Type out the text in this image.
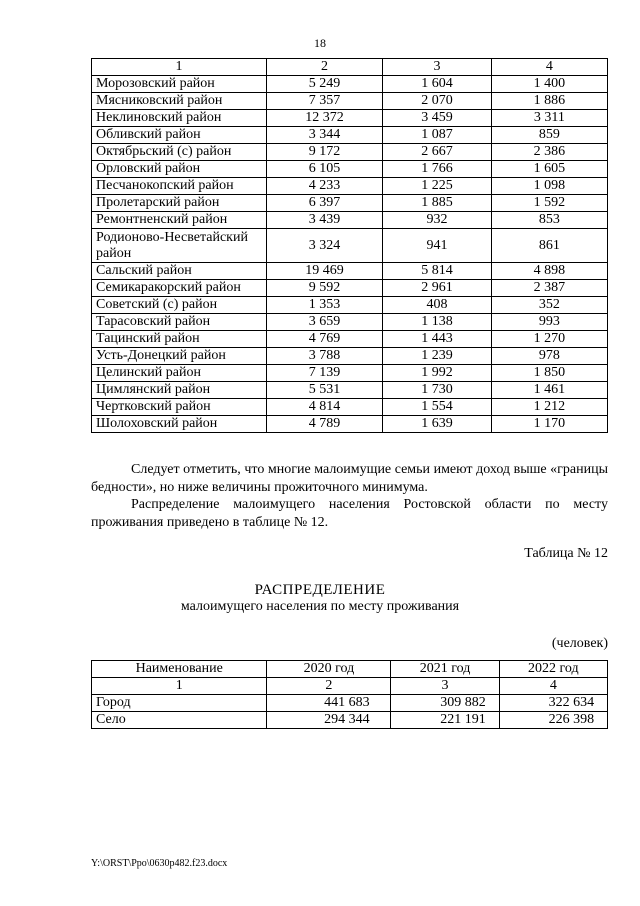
18
1	2	3	4
Морозовский район	5 249	1 604	1 400
Мясниковский район	7 357	2 070	1 886
Неклиновский район	12 372	3 459	3 311
Обливский район	3 344	1 087	859
Октябрьский (с) район	9 172	2 667	2 386
Орловский район	6 105	1 766	1 605
Песчанокопский район	4 233	1 225	1 098
Пролетарский район	6 397	1 885	1 592
Ремонтненский район	3 439	932	853
Родионово-Несветайский район	3 324	941	861
Сальский район	19 469	5 814	4 898
Семикаракорский район	9 592	2 961	2 387
Советский (с) район	1 353	408	352
Тарасовский район	3 659	1 138	993
Тацинский район	4 769	1 443	1 270
Усть-Донецкий район	3 788	1 239	978
Целинский район	7 139	1 992	1 850
Цимлянский район	5 531	1 730	1 461
Чертковский район	4 814	1 554	1 212
Шолоховский район	4 789	1 639	1 170

Следует отметить, что многие малоимущие семьи имеют доход выше «границы бедности», но ниже величины прожиточного минимума.

Распределение малоимущего населения Ростовской области по месту проживания приведено в таблице № 12.

Таблица № 12
РАСПРЕДЕЛЕНИЕ
малоимущего населения по месту проживания
(человек)
Наименование	2020 год	2021 год	2022 год
1	2	3	4
Город	441 683	309 882	322 634
Село	294 344	221 191	226 398
Y:\ORST\Ppo\0630p482.f23.docx
